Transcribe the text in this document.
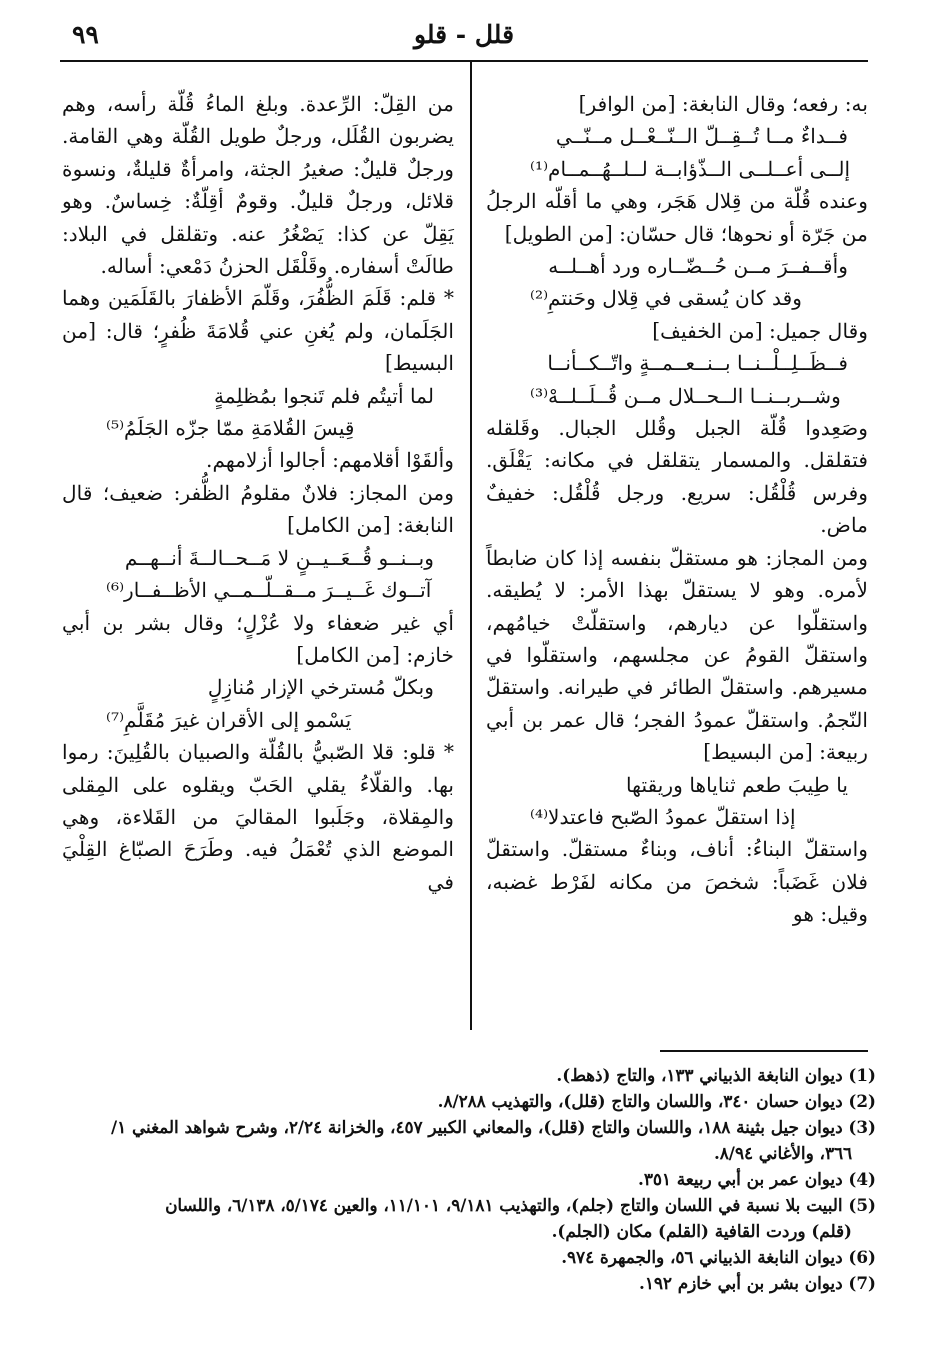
قلل - قلو
٩٩

به: رفعه؛ وقال النابغة: [من الوافر]

فــداءٌ مــا تُــقِــلّ الــنّــعْــل مــنّــي

إلــى أعــلــى الــذّؤابــة لــلــهُــمــام⁽¹⁾

وعنده قُلّة من قِلال هَجَر، وهي ما أقلّه الرجلُ من جَرّة أو نحوها؛ قال حسّان: [من الطويل]

وأقــفــرَ مــن حُــضّــاره ورد أهــلــه

وقد كان يُسقى في قِلال وحَنتمِ⁽²⁾

وقال جميل: [من الخفيف]

فــظَــلِــلْــنــا بــنــعــمــةٍ واتّــكــأنــا

وشــربــنــا الــحــلال مــن قُــلَــلــهْ⁽³⁾

وصَعِدوا قُلّة الجبل وقُلل الجبال. وقَلقله فتقلقل. والمسمار يتقلقل في مكانه: يَقْلَق. وفرس قُلْقُل: سريع. ورجل قُلْقُل: خفيفٌ ماض.

ومن المجاز: هو مستقلّ بنفسه إذا كان ضابطاً لأمره. وهو لا يستقلّ بهذا الأمر: لا يُطيقه. واستقلّوا عن ديارهم، واستقلّتْ خيامُهم، واستقلّ القومُ عن مجلسهم، واستقلّوا في مسيرهم. واستقلّ الطائر في طيرانه. واستقلّ النّجمُ. واستقلّ عمودُ الفجر؛ قال عمر بن أبي ربيعة: [من البسيط]

يا طِيبَ طعم ثناياها وريقتها

إذا استقلّ عمودُ الصّبح فاعتدلا⁽⁴⁾

واستقلّ البناءُ: أناف، وبناءٌ مستقلّ. واستقلّ فلان غَضَباً: شخصَ من مكانه لفَرْط غضبه، وقيل: هو

من القِلّ: الرِّعدة. وبلغ الماءُ قُلّة رأسه، وهم يضربون القُلَل، ورجلٌ طويل القُلّة وهي القامة. ورجلٌ قليلٌ: صغيرُ الجثة، وامرأةٌ قليلةٌ، ونسوة قلائل، ورجلٌ قليلٌ. وقومٌ أقِلّةٌ: خِساسٌ. وهو يَقِلّ عن كذا: يَصْغُرُ عنه. وتقلقل في البلاد: طالَتْ أسفاره. وقَلْقَل الحزنُ دَمْعي: أساله.

* قلم: قَلَمَ الظُّفُرَ، وقَلّمَ الأظفارَ بالقَلَمَين وهما الجَلَمان، ولم يُغنِ عني قُلامَةَ ظُفرٍ؛ قال: [من البسيط]

لما أتيتُم فلم تَنجوا بمُظلِمةٍ

قِيسَ القُلامَةِ ممّا جزّه الجَلَمُ⁽⁵⁾

وألقَوْا أقلامهم: أجالوا أزلامهم.

ومن المجاز: فلانٌ مقلومُ الظُّفر: ضعيف؛ قال النابغة: [من الكامل]

وبــنــو قُــعَــيــنٍ لا مَــحــالــةَ أنــهــم

آتــوك غَــيــرَ مــقــلّــمــي الأظــفــار⁽⁶⁾

أي غير ضعفاء ولا عُزْلٍ؛ وقال بشر بن أبي خازم: [من الكامل]

وبكلّ مُسترخي الإزار مُنازِلٍ

يَسْمو إلى الأقران غيرَ مُقَلَّمِ⁽⁷⁾

* قلو: قلا الصّبيُّ بالقُلّة والصبيان بالقُلِينَ: رموا بها. والقلّاءُ يقلي الحَبّ ويقلوه على المِقلى والمِقلاة، وجَلَبوا المقاليَ من القَلاءة، وهي الموضع الذي تُعْمَلُ فيه. وطَرَحَ الصبّاغ القِلْيَ في

(1) ديوان النابغة الذبياني ١٣٣، والتاج (ذهط).

(2) ديوان حسان ٣٤٠، واللسان والتاج (قلل)، والتهذيب ٨/٢٨٨.

(3) ديوان جيل بثينة ١٨٨، واللسان والتاج (قلل)، والمعاني الكبير ٤٥٧، والخزانة ٢/٢٤، وشرح شواهد المغني ١/

٣٦٦، والأغاني ٨/٩٤.

(4) ديوان عمر بن أبي ربيعة ٣٥١.

(5) البيت بلا نسبة في اللسان والتاج (جلم)، والتهذيب ٩/١٨١، ١١/١٠١، والعين ٥/١٧٤، ٦/١٣٨، واللسان

(قلم) وردت القافية (القلم) مكان (الجلم).

(6) ديوان النابغة الذبياني ٥٦، والجمهرة ٩٧٤.

(7) ديوان بشر بن أبي خازم ١٩٢.
